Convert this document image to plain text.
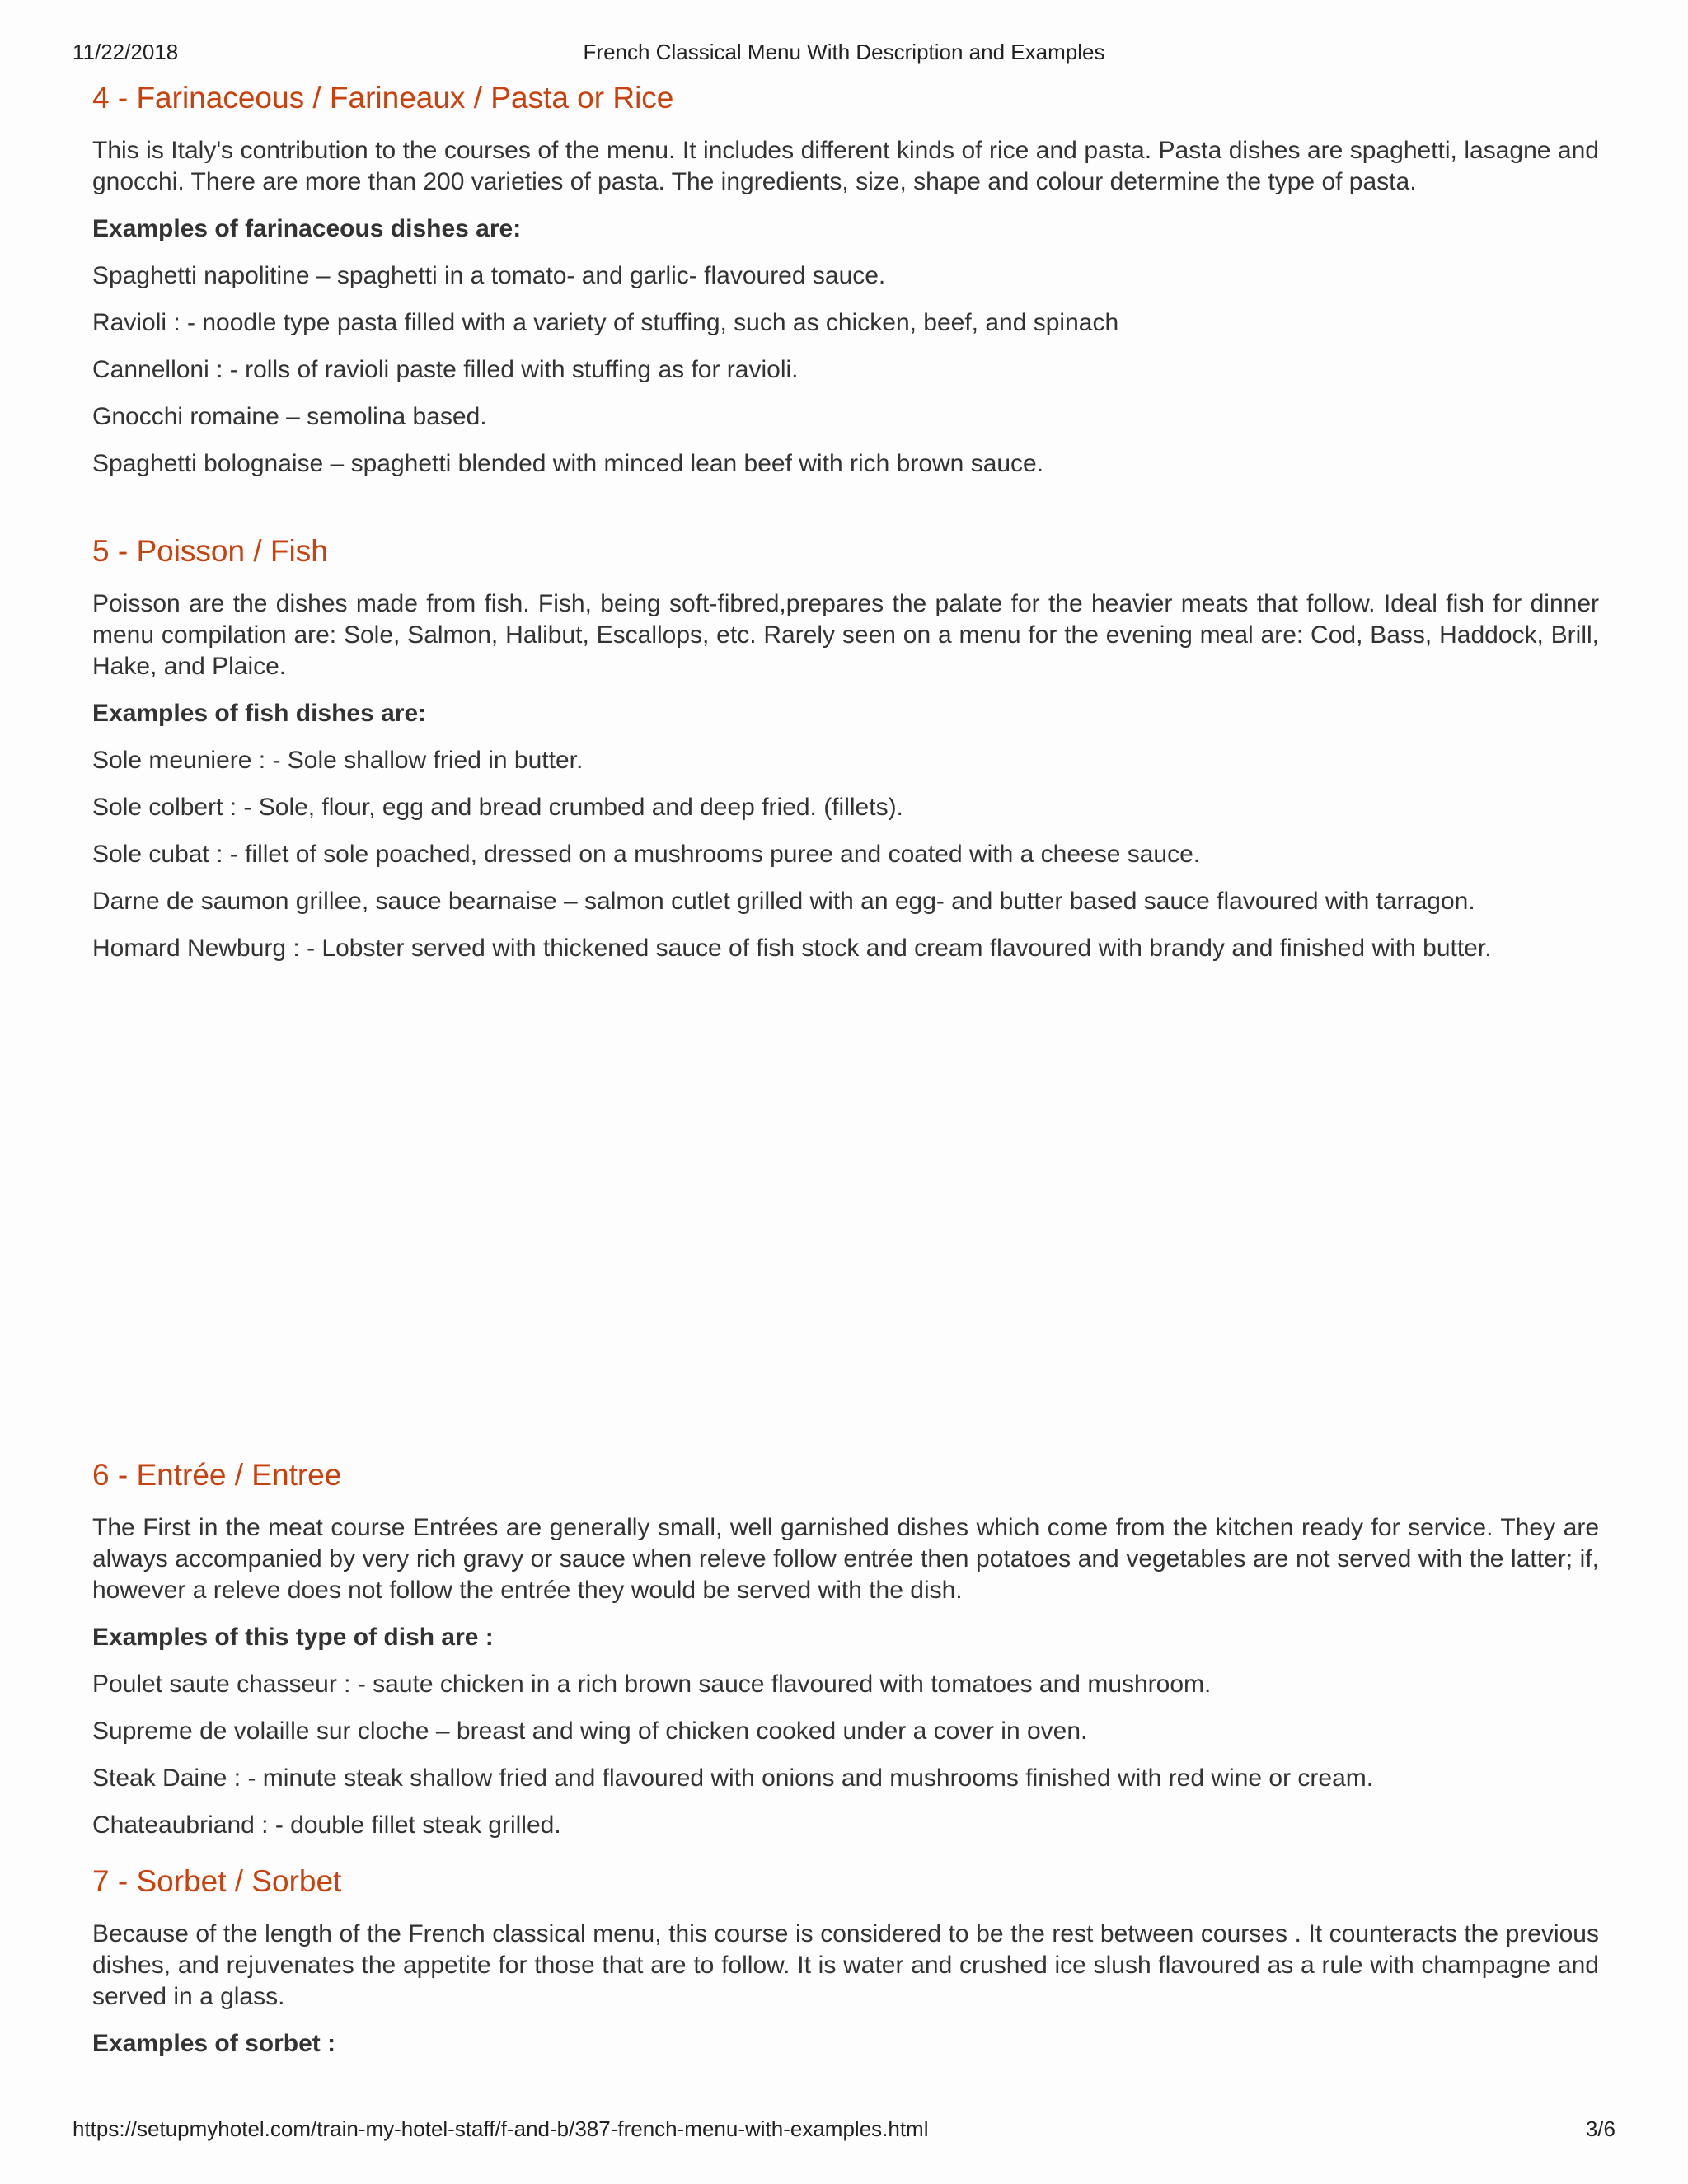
11/22/2018	French Classical Menu With Description and Examples
4 - Farinaceous / Farineaux / Pasta or Rice

This is Italy's contribution to the courses of the menu. It includes different kinds of rice and pasta. Pasta dishes are spaghetti, lasagne and gnocchi. There are more than 200 varieties of pasta. The ingredients, size, shape and colour determine the type of pasta.

Examples of farinaceous dishes are:
Spaghetti napolitine – spaghetti in a tomato- and garlic- flavoured sauce.
Ravioli : - noodle type pasta filled with a variety of stuffing, such as chicken, beef, and spinach
Cannelloni : - rolls of ravioli paste filled with stuffing as for ravioli.
Gnocchi romaine – semolina based.
Spaghetti bolognaise – spaghetti blended with minced lean beef with rich brown sauce.
5 - Poisson / Fish

Poisson are the dishes made from fish. Fish, being soft-fibred,prepares the palate for the heavier meats that follow. Ideal fish for dinner menu compilation are: Sole, Salmon, Halibut, Escallops, etc. Rarely seen on a menu for the evening meal are: Cod, Bass, Haddock, Brill, Hake, and Plaice.

Examples of fish dishes are:
Sole meuniere : - Sole shallow fried in butter.
Sole colbert : - Sole, flour, egg and bread crumbed and deep fried. (fillets).
Sole cubat : - fillet of sole poached, dressed on a mushrooms puree and coated with a cheese sauce.
Darne de saumon grillee, sauce bearnaise – salmon cutlet grilled with an egg- and butter based sauce flavoured with tarragon.
Homard Newburg : - Lobster served with thickened sauce of fish stock and cream flavoured with brandy and finished with butter.
6 - Entrée / Entree

The First in the meat course Entrées are generally small, well garnished dishes which come from the kitchen ready for service. They are always accompanied by very rich gravy or sauce when releve follow entrée then potatoes and vegetables are not served with the latter; if, however a releve does not follow the entrée they would be served with the dish.

Examples of this type of dish are :
Poulet saute chasseur : - saute chicken in a rich brown sauce flavoured with tomatoes and mushroom.
Supreme de volaille sur cloche – breast and wing of chicken cooked under a cover in oven.
Steak Daine : - minute steak shallow fried and flavoured with onions and mushrooms finished with red wine or cream.
Chateaubriand : - double fillet steak grilled.
7 - Sorbet / Sorbet

Because of the length of the French classical menu, this course is considered to be the rest between courses . It counteracts the previous dishes, and rejuvenates the appetite for those that are to follow. It is water and crushed ice slush flavoured as a rule with champagne and served in a glass.

Examples of sorbet :
https://setupmyhotel.com/train-my-hotel-staff/f-and-b/387-french-menu-with-examples.html	3/6
